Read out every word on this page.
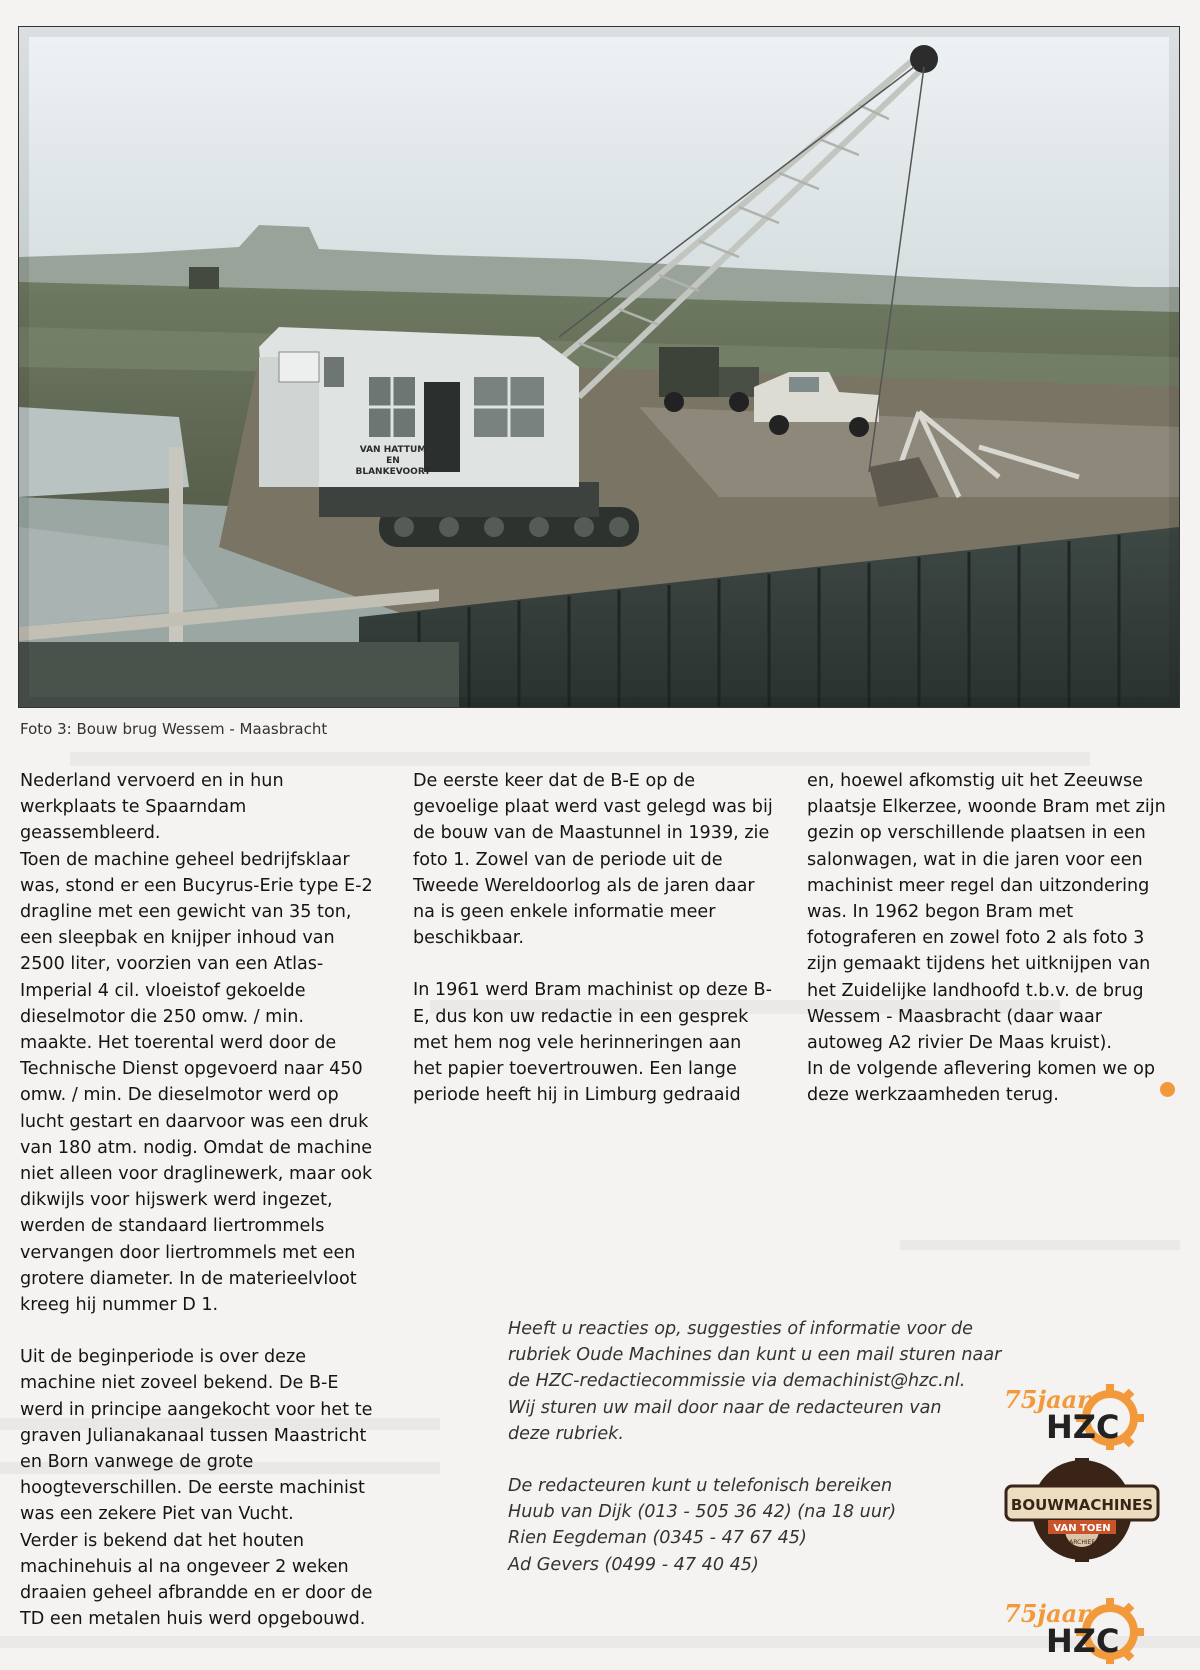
VAN HATTUM
EN
BLANKEVOORT
Foto 3: Bouw brug Wessem - Maasbracht

Nederland vervoerd en in hun werkplaats te Spaarndam geassembleerd.

Toen de machine geheel bedrijfsklaar was, stond er een Bucyrus-Erie type E-2 dragline met een gewicht van 35 ton, een sleepbak en knijper inhoud van 2500 liter, voorzien van een Atlas-Imperial 4 cil. vloeistof gekoelde dieselmotor die 250 omw. / min. maakte. Het toerental werd door de Technische Dienst opgevoerd naar 450 omw. / min. De dieselmotor werd op lucht gestart en daarvoor was een druk van 180 atm. nodig. Omdat de machine niet alleen voor draglinewerk, maar ook dikwijls voor hijswerk werd ingezet, werden de standaard liertrommels vervangen door liertrommels met een grotere diameter. In de materieelvloot kreeg hij nummer D 1.

Uit de beginperiode is over deze machine niet zoveel bekend. De B-E werd in principe aangekocht voor het te graven Julianakanaal tussen Maastricht en Born vanwege de grote hoogteverschillen. De eerste machinist was een zekere Piet van Vucht.

Verder is bekend dat het houten machinehuis al na ongeveer 2 weken draaien geheel afbrandde en er door de TD een metalen huis werd opgebouwd.

De eerste keer dat de B-E op de gevoelige plaat werd vast gelegd was bij de bouw van de Maastunnel in 1939, zie foto 1. Zowel van de periode uit de Tweede Wereldoorlog als de jaren daar na is geen enkele informatie meer beschikbaar.

In 1961 werd Bram machinist op deze B-E, dus kon uw redactie in een gesprek met hem nog vele herinneringen aan het papier toevertrouwen. Een lange periode heeft hij in Limburg gedraaid

en, hoewel afkomstig uit het Zeeuwse plaatsje Elkerzee, woonde Bram met zijn gezin op verschillende plaatsen in een salonwagen, wat in die jaren voor een machinist meer regel dan uitzondering was. In 1962 begon Bram met fotograferen en zowel foto 2 als foto 3 zijn gemaakt tijdens het uitknijpen van het Zuidelijke landhoofd t.b.v. de brug Wessem - Maasbracht (daar waar autoweg A2 rivier De Maas kruist).

In de volgende aflevering komen we op deze werkzaamheden terug.

Heeft u reacties op, suggesties of informatie voor de
rubriek Oude Machines dan kunt u een mail sturen naar
de HZC-redactiecommissie via demachinist@hzc.nl.
Wij sturen uw mail door naar de redacteuren van
deze rubriek.

De redacteuren kunt u telefonisch bereiken
Huub van Dijk (013 - 505 36 42) (na 18 uur)
Rien Eegdeman (0345 - 47 67 45)
Ad Gevers (0499 - 47 40 45)

75jaar
HZC
BOUWMACHINES
VAN TOEN
ARCHIEF
75jaar
HZC
